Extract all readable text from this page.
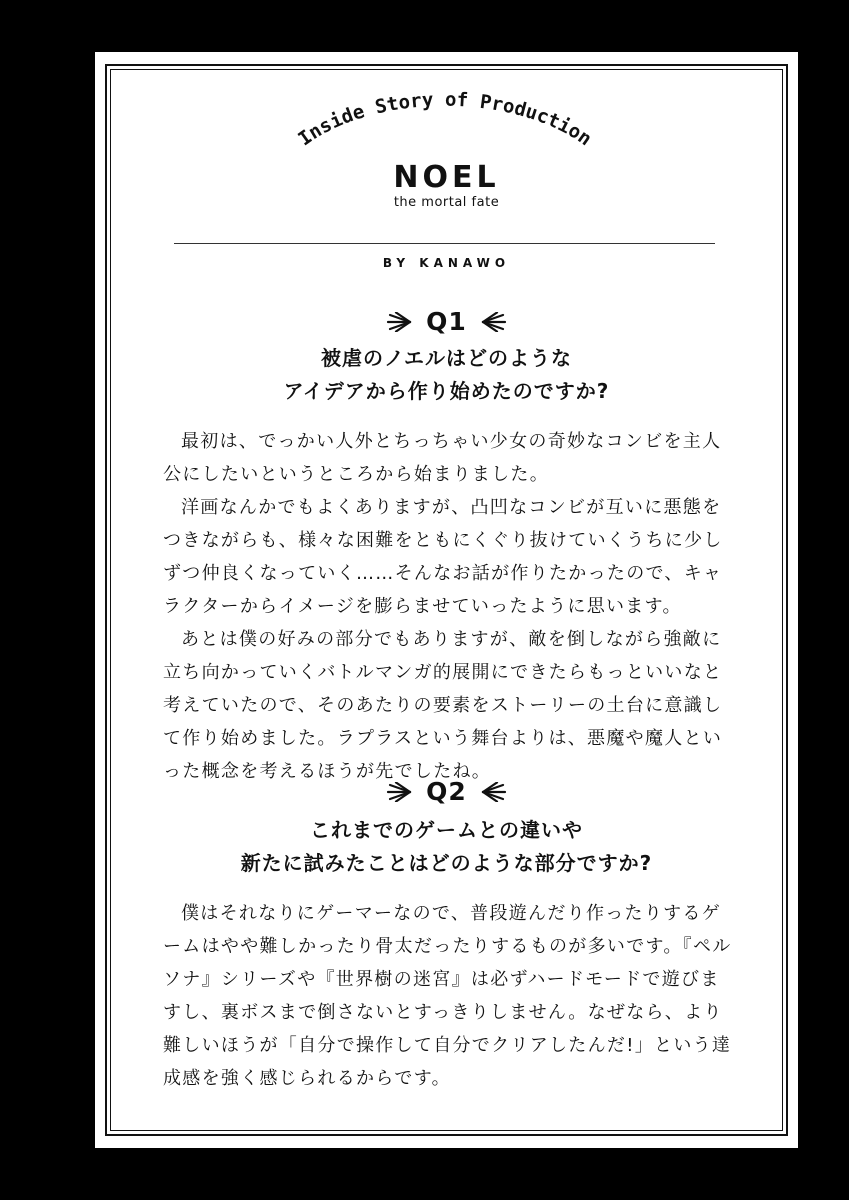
Inside Story of Production
NOEL
the mortal fate
BY KANAWO
Q1
被虐のノエルはどのような
アイデアから作り始めたのですか?

最初は、でっかい人外とちっちゃい少女の奇妙なコンビを主人公にしたいというところから始まりました。

洋画なんかでもよくありますが、凸凹なコンビが互いに悪態をつきながらも、様々な困難をともにくぐり抜けていくうちに少しずつ仲良くなっていく……そんなお話が作りたかったので、キャラクターからイメージを膨らませていったように思います。

あとは僕の好みの部分でもありますが、敵を倒しながら強敵に立ち向かっていくバトルマンガ的展開にできたらもっといいなと考えていたので、そのあたりの要素をストーリーの土台に意識して作り始めました。ラプラスという舞台よりは、悪魔や魔人といった概念を考えるほうが先でしたね。

Q2
これまでのゲームとの違いや
新たに試みたことはどのような部分ですか?

僕はそれなりにゲーマーなので、普段遊んだり作ったりするゲームはやや難しかったり骨太だったりするものが多いです。『ペルソナ』シリーズや『世界樹の迷宮』は必ずハードモードで遊びますし、裏ボスまで倒さないとすっきりしません。なぜなら、より難しいほうが「自分で操作して自分でクリアしたんだ!」という達成感を強く感じられるからです。
